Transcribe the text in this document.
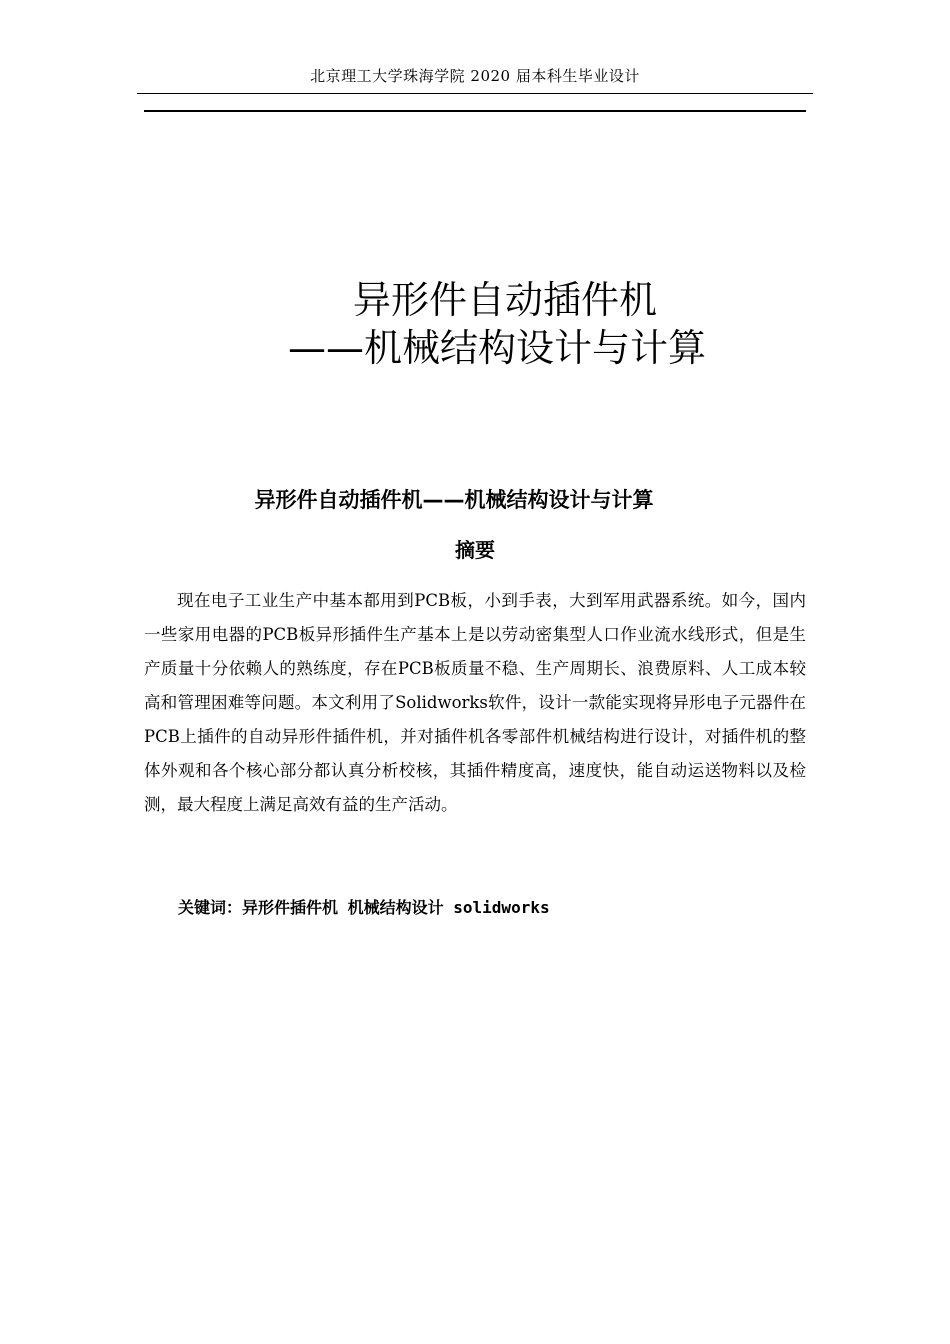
北京理工大学珠海学院 2020 届本科生毕业设计
异形件自动插件机
——机械结构设计与计算
异形件自动插件机——机械结构设计与计算
摘要

现在电子工业生产中基本都用到PCB板，小到手表，大到军用武器系统。如今，国内一些家用电器的PCB板异形插件生产基本上是以劳动密集型人口作业流水线形式，但是生产质量十分依赖人的熟练度，存在PCB板质量不稳、生产周期长、浪费原料、人工成本较高和管理困难等问题。本文利用了Solidworks软件，设计一款能实现将异形电子元器件在PCB上插件的自动异形件插件机，并对插件机各零部件机械结构进行设计，对插件机的整体外观和各个核心部分都认真分析校核，其插件精度高，速度快，能自动运送物料以及检测，最大程度上满足高效有益的生产活动。

关键词：异形件插件机 机械结构设计 solidworks
